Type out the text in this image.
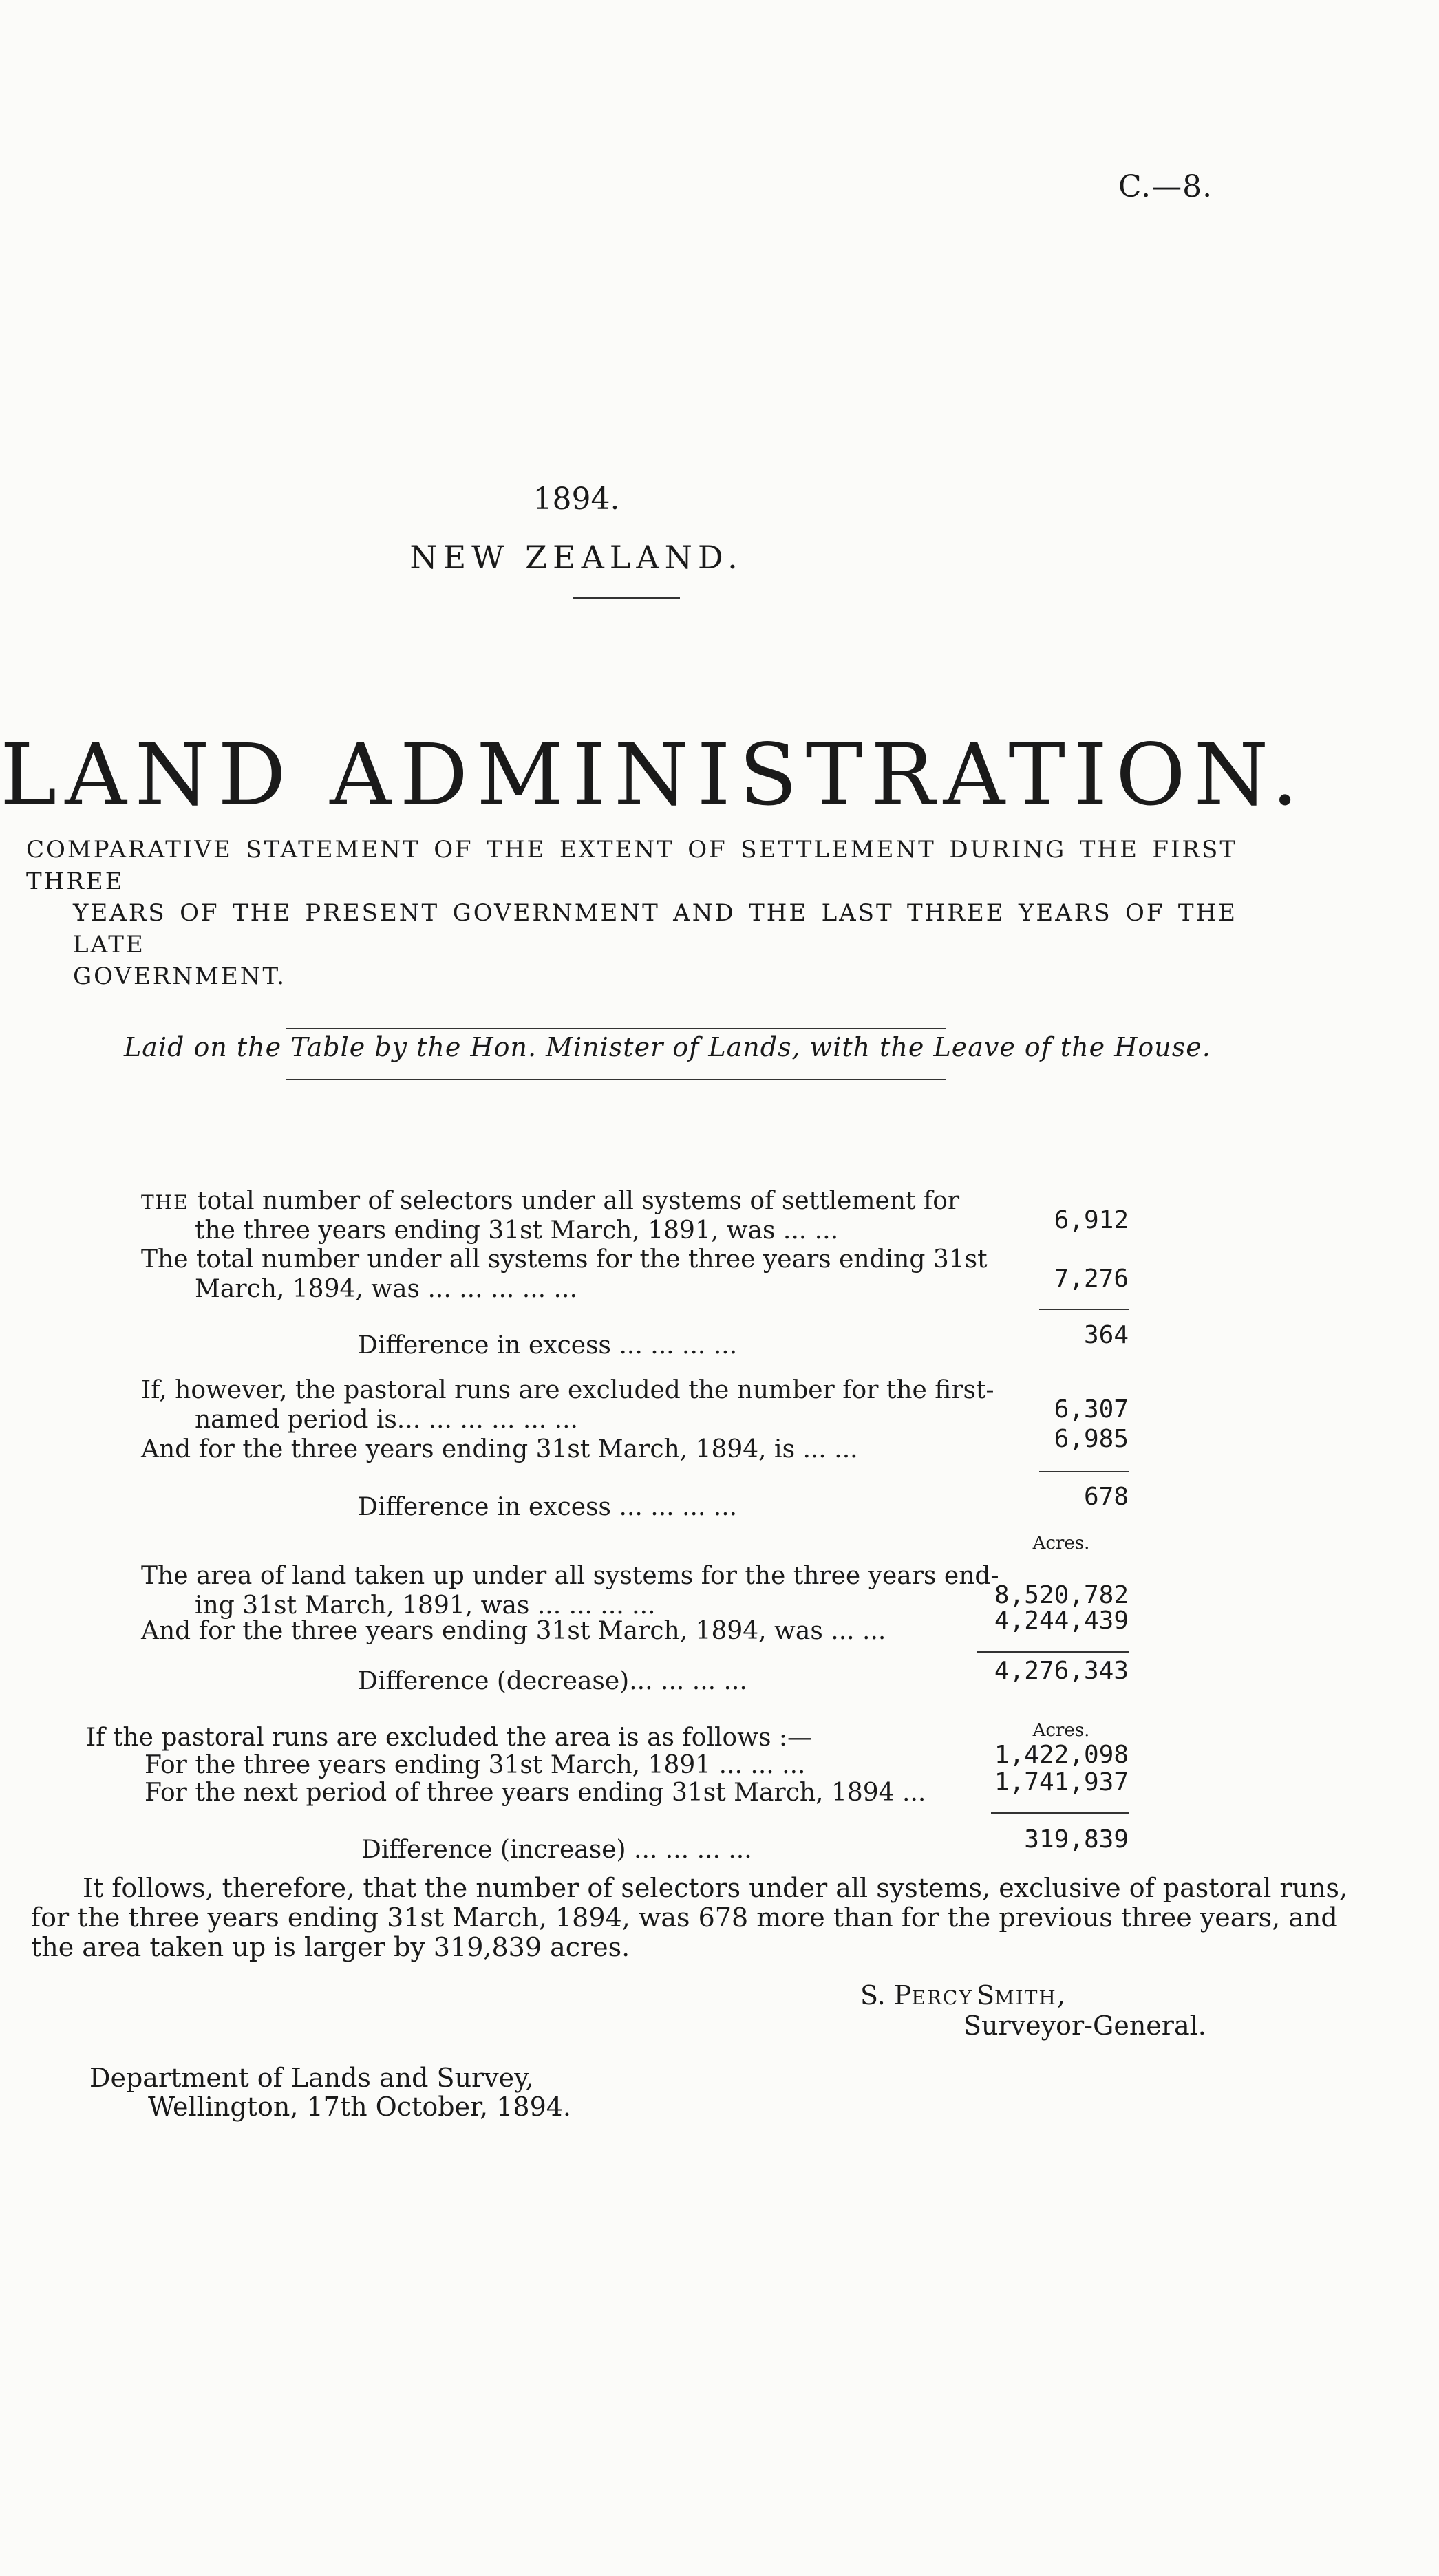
C.—8.
1894.
NEW ZEALAND.
LAND ADMINISTRATION.
COMPARATIVE STATEMENT OF THE EXTENT OF SETTLEMENT DURING THE FIRST THREE
YEARS OF THE PRESENT GOVERNMENT AND THE LAST THREE YEARS OF THE LATE
GOVERNMENT.
Laid on the Table by the Hon. Minister of Lands, with the Leave of the House.
THE total number of selectors under all systems of settlement for
the three years ending 31st March, 1891, was ... ...	6,912
The total number under all systems for the three years ending 31st
March, 1894, was ... ... ... ... ...	7,276
Difference in excess ... ... ... ...	364
If, however, the pastoral runs are excluded the number for the first-
named period is... ... ... ... ... ...	6,307
And for the three years ending 31st March, 1894, is ... ...	6,985
Difference in excess ... ... ... ...	678
Acres.
The area of land taken up under all systems for the three years end-
ing 31st March, 1891, was ... ... ... ...	8,520,782
And for the three years ending 31st March, 1894, was ... ...	4,244,439
Difference (decrease)... ... ... ...	4,276,343
If the pastoral runs are excluded the area is as follows :—	Acres.
For the three years ending 31st March, 1891 ... ... ...	1,422,098
For the next period of three years ending 31st March, 1894 ...	1,741,937
Difference (increase) ... ... ... ...	319,839
It follows, therefore, that the number of selectors under all systems, exclusive of pastoral runs,
for the three years ending 31st March, 1894, was 678 more than for the previous three years, and
the area taken up is larger by 319,839 acres.
S. PERCY SMITH,
Surveyor-General.
Department of Lands and Survey,
Wellington, 17th October, 1894.
